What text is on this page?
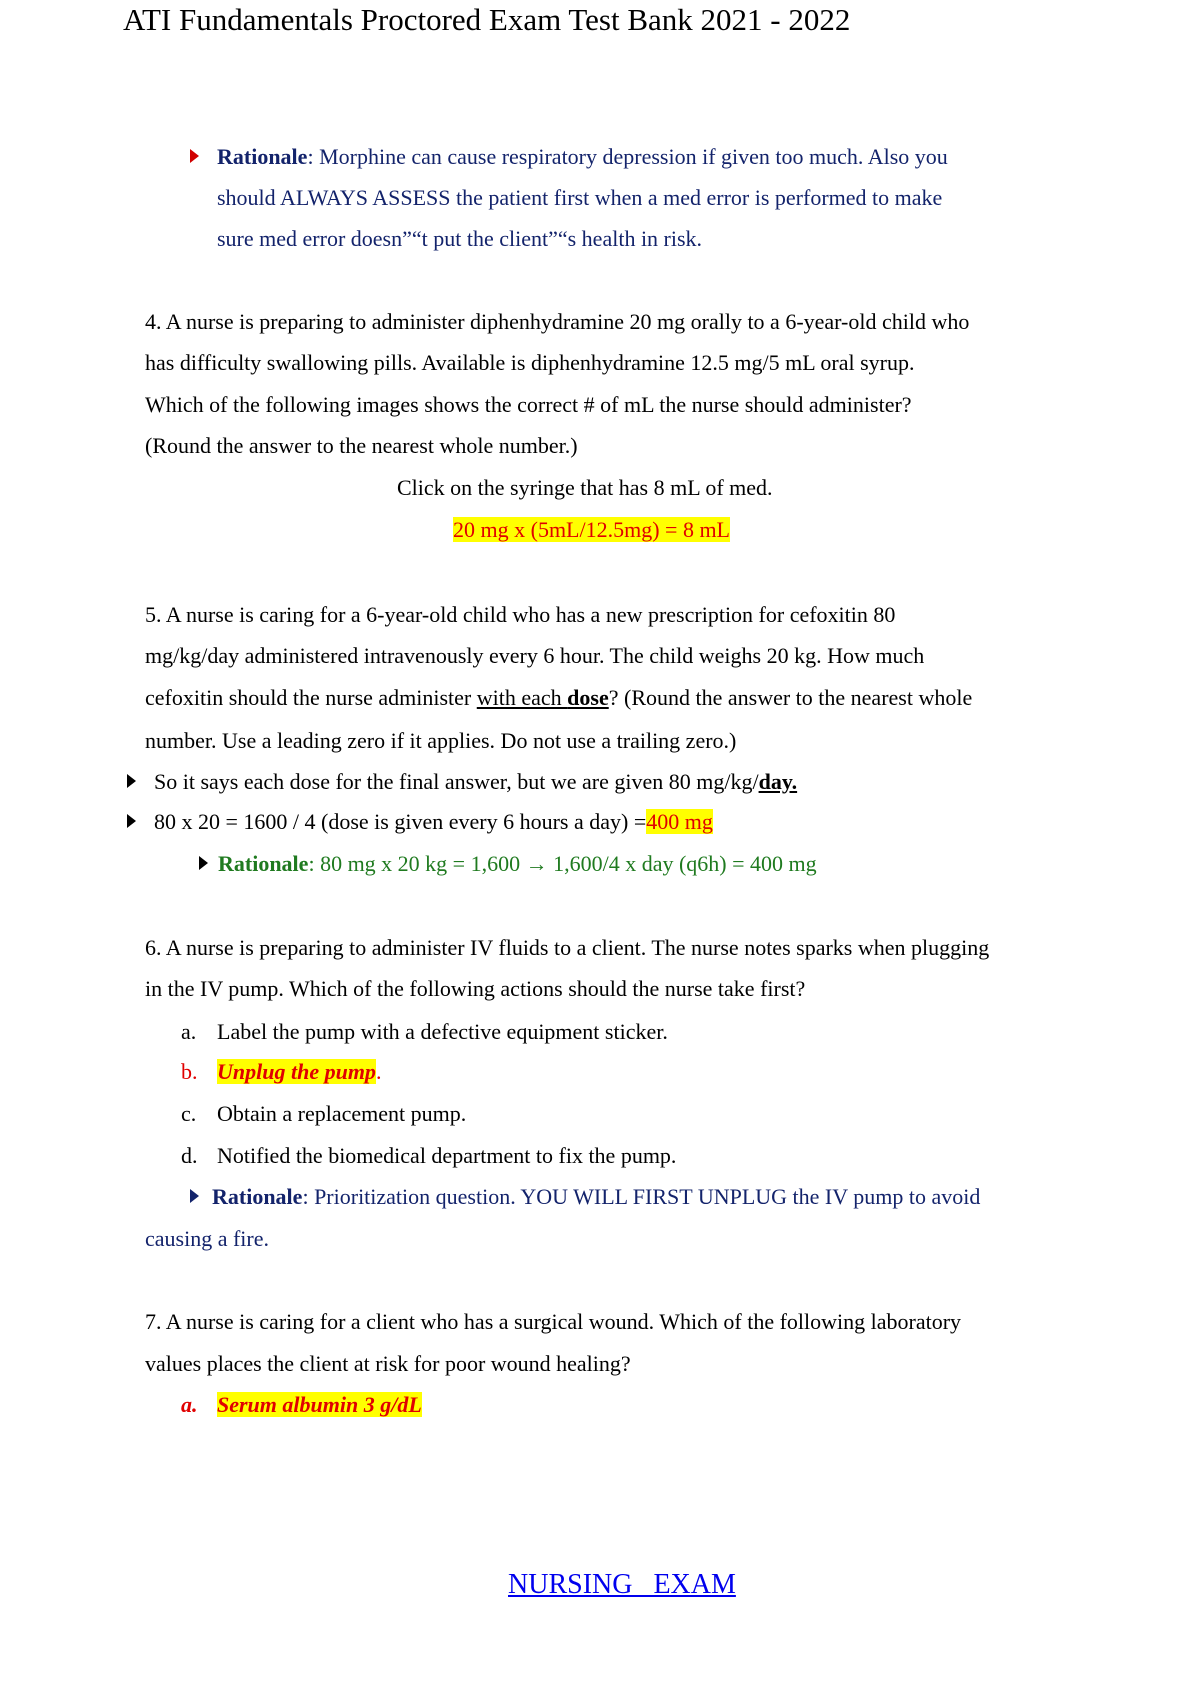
ATI Fundamentals Proctored Exam Test Bank 2021 - 2022
Rationale: Morphine can cause respiratory depression if given too much. Also you
should ALWAYS ASSESS the patient first when a med error is performed to make
sure med error doesn”“t put the client”“s health in risk.
4. A nurse is preparing to administer diphenhydramine 20 mg orally to a 6-year-old child who
has difficulty swallowing pills. Available is diphenhydramine 12.5 mg/5 mL oral syrup.
Which of the following images shows the correct # of mL the nurse should administer?
(Round the answer to the nearest whole number.)
Click on the syringe that has 8 mL of med.
20 mg x (5mL/12.5mg) = 8 mL
5. A nurse is caring for a 6-year-old child who has a new prescription for cefoxitin 80
mg/kg/day administered intravenously every 6 hour. The child weighs 20 kg. How much
cefoxitin should the nurse administer with each dose? (Round the answer to the nearest whole
number. Use a leading zero if it applies. Do not use a trailing zero.)
So it says each dose for the final answer, but we are given 80 mg/kg/day.
80 x 20 = 1600 / 4 (dose is given every 6 hours a day) =400 mg
Rationale: 80 mg x 20 kg = 1,600 → 1,600/4 x day (q6h) = 400 mg
6. A nurse is preparing to administer IV fluids to a client. The nurse notes sparks when plugging
in the IV pump. Which of the following actions should the nurse take first?
a. Label the pump with a defective equipment sticker.
b. Unplug the pump.
c. Obtain a replacement pump.
d. Notified the biomedical department to fix the pump.
Rationale: Prioritization question. YOU WILL FIRST UNPLUG the IV pump to avoid
causing a fire.
7. A nurse is caring for a client who has a surgical wound. Which of the following laboratory
values places the client at risk for poor wound healing?
a. Serum albumin 3 g/dL
NURSING   EXAM
